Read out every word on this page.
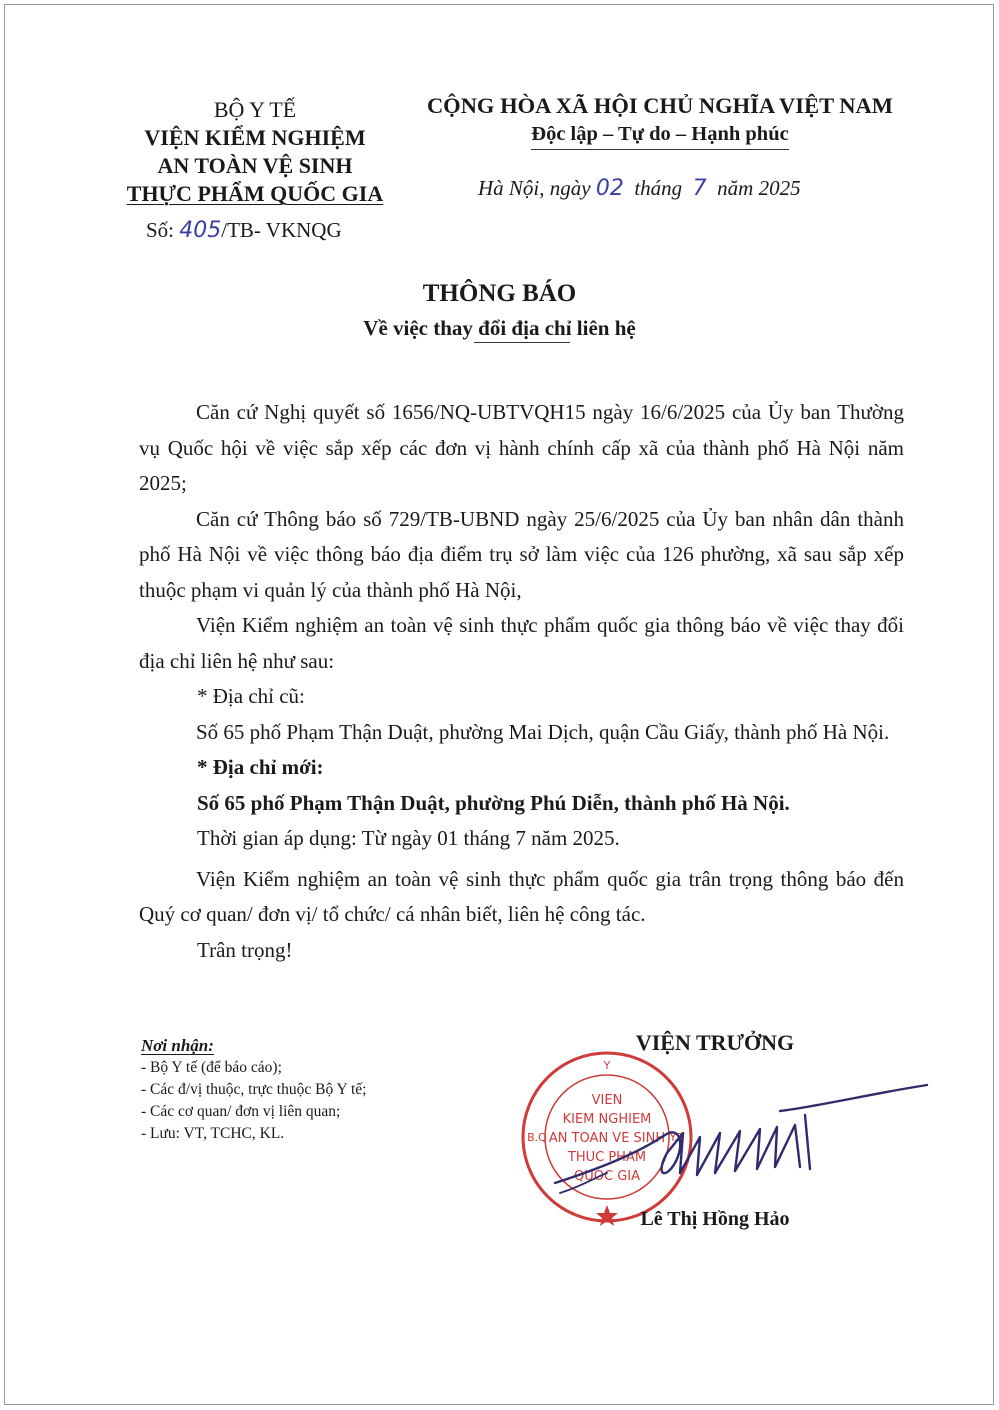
BỘ Y TẾ
VIỆN KIỂM NGHIỆM
AN TOÀN VỆ SINH
THỰC PHẨM QUỐC GIA
Số: 405/TB- VKNQG
CỘNG HÒA XÃ HỘI CHỦ NGHĨA VIỆT NAM
Độc lập – Tự do – Hạnh phúc
Hà Nội, ngày 02 tháng 7 năm 2025
THÔNG BÁO
Về việc thay đổi địa chỉ liên hệ

Căn cứ Nghị quyết số 1656/NQ-UBTVQH15 ngày 16/6/2025 của Ủy ban Thường vụ Quốc hội về việc sắp xếp các đơn vị hành chính cấp xã của thành phố Hà Nội năm 2025;

Căn cứ Thông báo số 729/TB-UBND ngày 25/6/2025 của Ủy ban nhân dân thành phố Hà Nội về việc thông báo địa điểm trụ sở làm việc của 126 phường, xã sau sắp xếp thuộc phạm vi quản lý của thành phố Hà Nội,

Viện Kiểm nghiệm an toàn vệ sinh thực phẩm quốc gia thông báo về việc thay đổi địa chỉ liên hệ như sau:

* Địa chỉ cũ:

Số 65 phố Phạm Thận Duật, phường Mai Dịch, quận Cầu Giấy, thành phố Hà Nội.

* Địa chỉ mới:

Số 65 phố Phạm Thận Duật, phường Phú Diễn, thành phố Hà Nội.

Thời gian áp dụng: Từ ngày 01 tháng 7 năm 2025.

Viện Kiểm nghiệm an toàn vệ sinh thực phẩm quốc gia trân trọng thông báo đến Quý cơ quan/ đơn vị/ tổ chức/ cá nhân biết, liên hệ công tác.

Trân trọng!

Nơi nhận:
- Bộ Y tế (để báo cáo);
- Các đ/vị thuộc, trực thuộc Bộ Y tế;
- Các cơ quan/ đơn vị liên quan;
- Lưu: VT, TCHC, KL.
VIỆN TRƯỞNG
Y
VIEN
KIEM NGHIEM
AN TOAN VE SINH
THUC PHAM
QUOC GIA
B.Q	Y.T
Lê Thị Hồng Hảo
